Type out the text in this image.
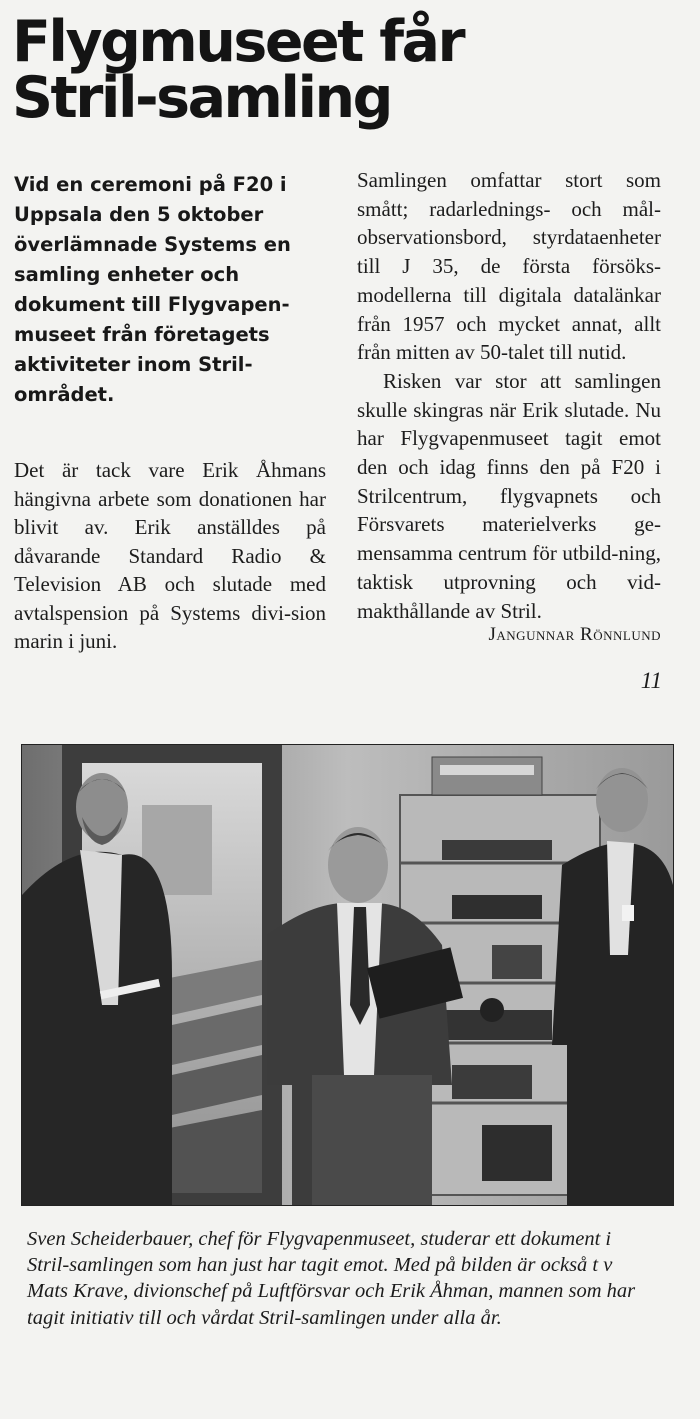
Flygmuseet får
Stril-samling

Vid en ceremoni på F20 i Uppsala den 5 oktober överlämnade Systems en samling enheter och dokument till Flygvapen-museet från företagets aktiviteter inom Stril-området.

Det är tack vare Erik Åhmans hängivna arbete som donationen har blivit av. Erik anställdes på dåvarande Standard Radio & Television AB och slutade med avtalspension på Systems divi-sion marin i juni.

Samlingen omfattar stort som smått; radarlednings- och mål-observationsbord, styrdataenheter till J 35, de första försöks-modellerna till digitala datalänkar från 1957 och mycket annat, allt från mitten av 50-talet till nutid.

Risken var stor att samlingen skulle skingras när Erik slutade. Nu har Flygvapenmuseet tagit emot den och idag finns den på F20 i Strilcentrum, flygvapnets och Försvarets materielverks ge-mensamma centrum för utbild-ning, taktisk utprovning och vid-makthållande av Stril.

Jangunnar Rönnlund

11

Sven Scheiderbauer, chef för Flygvapenmuseet, studerar ett dokument i Stril-samlingen som han just har tagit emot. Med på bilden är också t v Mats Krave, divionschef på Luftförsvar och Erik Åhman, mannen som har tagit initiativ till och vårdat Stril-samlingen under alla år.
